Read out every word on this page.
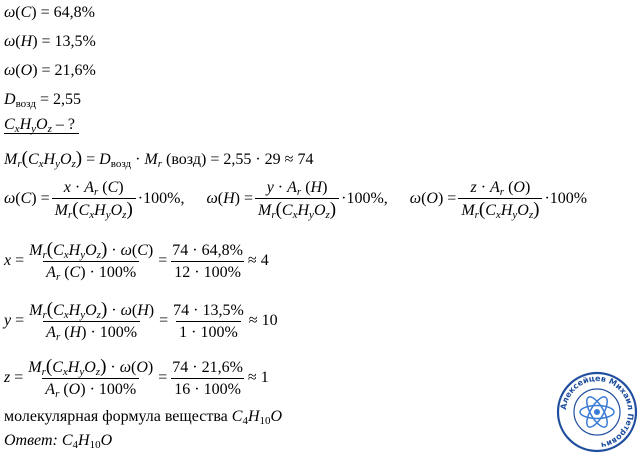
ω(C) = 64,8%
ω(H) = 13,5%
ω(O) = 21,6%
$D_{возд} = 2,55$
$C_xH_yO_z$ – ?
$M_r(C_xH_yO_z) = D_{возд} \cdot M_r$ (возд) = 2,55 · 29 ≈ 74
$\omega(C) = \frac{x \cdot A_r (C)}{M_r(C_xH_yO_z)} \cdot 100\%$, $\omega(H) = \frac{y \cdot A_r (H)}{M_r(C_xH_yO_z)} \cdot 100\%$, $\omega(O) = \frac{z \cdot A_r (O)}{M_r(C_xH_yO_z)} \cdot 100\%$
$x = \frac{M_r(C_xH_yO_z) \cdot \omega(C)}{A_r (C) \cdot 100\%} = \frac{74 \cdot 64,8\%}{12 \cdot 100\%} \approx 4$
$y = \frac{M_r(C_xH_yO_z) \cdot \omega(H)}{A_r (H) \cdot 100\%} = \frac{74 \cdot 13,5\%}{1 \cdot 100\%} \approx 10$
$z = \frac{M_r(C_xH_yO_z) \cdot \omega(O)}{A_r (O) \cdot 100\%} = \frac{74 \cdot 21,6\%}{16 \cdot 100\%} \approx 1$
молекулярная формула вещества $C_4H_{10}O$
Ответ: $C_4H_{10}O$
Алексейцев Михаил Петрович
